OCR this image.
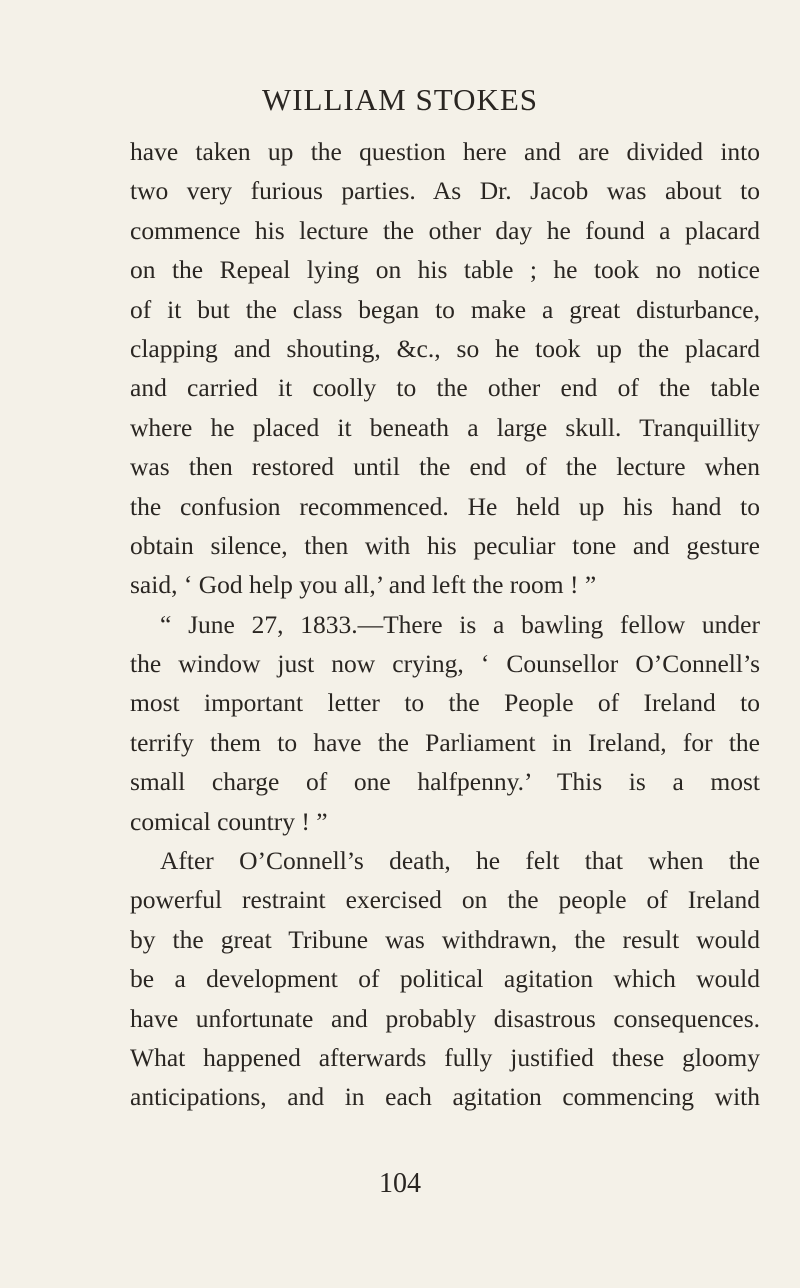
WILLIAM STOKES
have taken up the question here and are divided into
two very furious parties. As Dr. Jacob was about to
commence his lecture the other day he found a placard
on the Repeal lying on his table ; he took no notice
of it but the class began to make a great disturbance,
clapping and shouting, &c., so he took up the placard
and carried it coolly to the other end of the table
where he placed it beneath a large skull. Tranquillity
was then restored until the end of the lecture when
the confusion recommenced. He held up his hand to
obtain silence, then with his peculiar tone and gesture
said, ‘ God help you all,’ and left the room ! ”
“ June 27, 1833.—There is a bawling fellow under
the window just now crying, ‘ Counsellor O’Connell’s
most important letter to the People of Ireland to
terrify them to have the Parliament in Ireland, for the
small charge of one halfpenny.’ This is a most
comical country ! ”
After O’Connell’s death, he felt that when the
powerful restraint exercised on the people of Ireland
by the great Tribune was withdrawn, the result would
be a development of political agitation which would
have unfortunate and probably disastrous consequences.
What happened afterwards fully justified these gloomy
anticipations, and in each agitation commencing with
104
